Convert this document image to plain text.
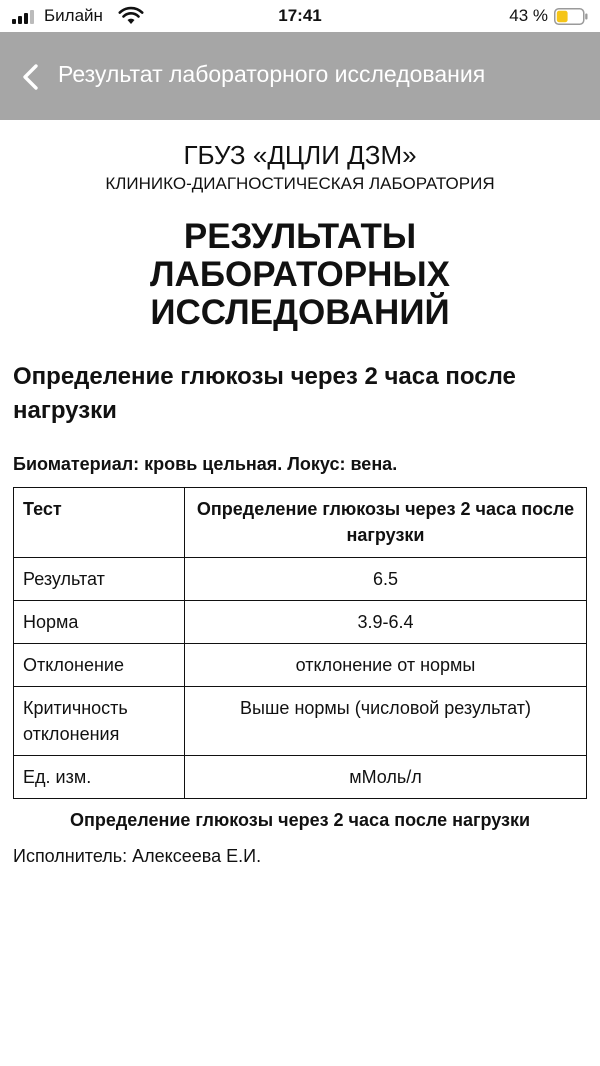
Билайн	17:41	43 %
Результат лабораторного исследования
ГБУЗ «ДЦЛИ ДЗМ»
КЛИНИКО-ДИАГНОСТИЧЕСКАЯ ЛАБОРАТОРИЯ
РЕЗУЛЬТАТЫ
ЛАБОРАТОРНЫХ
ИССЛЕДОВАНИЙ
Определение глюкозы через 2 часа после нагрузки
Биоматериал: кровь цельная. Локус: вена.
Тест	Определение глюкозы через 2 часа после нагрузки
Результат	6.5
Норма	3.9-6.4
Отклонение	отклонение от нормы
Критичность отклонения	Выше нормы (числовой результат)
Ед. изм.	мМоль/л
Определение глюкозы через 2 часа после нагрузки
Исполнитель: Алексеева Е.И.
